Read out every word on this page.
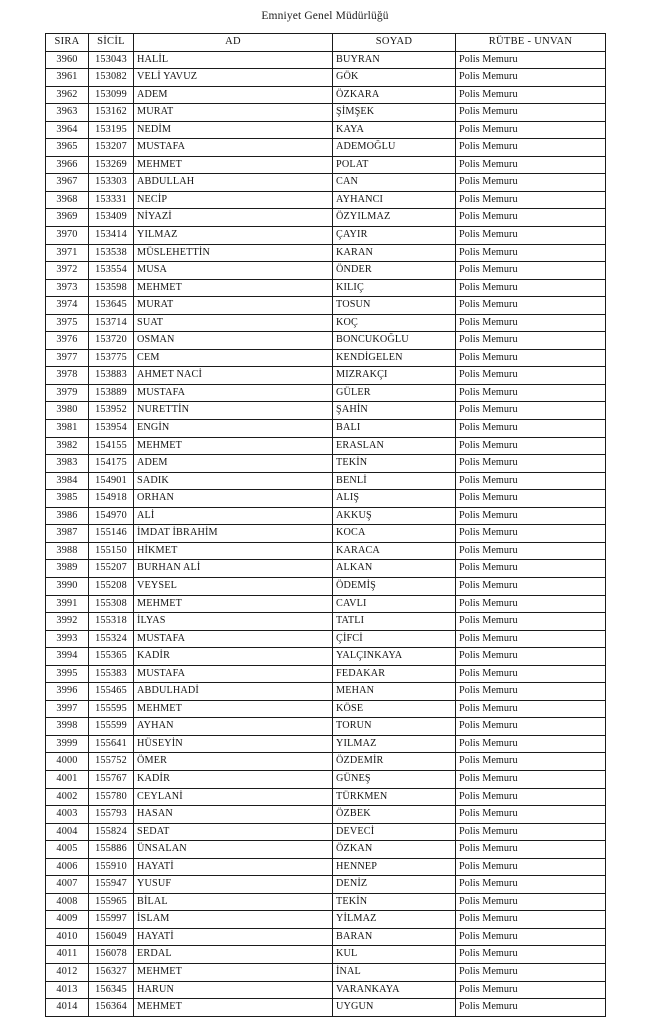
Emniyet Genel Müdürlüğü
SIRA	SİCİL	AD	SOYAD	RÜTBE - UNVAN
3960	153043	HALİL	BUYRAN	Polis Memuru
3961	153082	VELİ YAVUZ	GÖK	Polis Memuru
3962	153099	ADEM	ÖZKARA	Polis Memuru
3963	153162	MURAT	ŞİMŞEK	Polis Memuru
3964	153195	NEDİM	KAYA	Polis Memuru
3965	153207	MUSTAFA	ADEMOĞLU	Polis Memuru
3966	153269	MEHMET	POLAT	Polis Memuru
3967	153303	ABDULLAH	CAN	Polis Memuru
3968	153331	NECİP	AYHANCI	Polis Memuru
3969	153409	NİYAZİ	ÖZYILMAZ	Polis Memuru
3970	153414	YILMAZ	ÇAYIR	Polis Memuru
3971	153538	MÜSLEHETTİN	KARAN	Polis Memuru
3972	153554	MUSA	ÖNDER	Polis Memuru
3973	153598	MEHMET	KILIÇ	Polis Memuru
3974	153645	MURAT	TOSUN	Polis Memuru
3975	153714	SUAT	KOÇ	Polis Memuru
3976	153720	OSMAN	BONCUKOĞLU	Polis Memuru
3977	153775	CEM	KENDİGELEN	Polis Memuru
3978	153883	AHMET NACİ	MIZRAKÇI	Polis Memuru
3979	153889	MUSTAFA	GÜLER	Polis Memuru
3980	153952	NURETTİN	ŞAHİN	Polis Memuru
3981	153954	ENGİN	BALI	Polis Memuru
3982	154155	MEHMET	ERASLAN	Polis Memuru
3983	154175	ADEM	TEKİN	Polis Memuru
3984	154901	SADIK	BENLİ	Polis Memuru
3985	154918	ORHAN	ALIŞ	Polis Memuru
3986	154970	ALİ	AKKUŞ	Polis Memuru
3987	155146	İMDAT İBRAHİM	KOCA	Polis Memuru
3988	155150	HİKMET	KARACA	Polis Memuru
3989	155207	BURHAN ALİ	ALKAN	Polis Memuru
3990	155208	VEYSEL	ÖDEMİŞ	Polis Memuru
3991	155308	MEHMET	CAVLI	Polis Memuru
3992	155318	İLYAS	TATLI	Polis Memuru
3993	155324	MUSTAFA	ÇİFCİ	Polis Memuru
3994	155365	KADİR	YALÇINKAYA	Polis Memuru
3995	155383	MUSTAFA	FEDAKAR	Polis Memuru
3996	155465	ABDULHADİ	MEHAN	Polis Memuru
3997	155595	MEHMET	KÖSE	Polis Memuru
3998	155599	AYHAN	TORUN	Polis Memuru
3999	155641	HÜSEYİN	YILMAZ	Polis Memuru
4000	155752	ÖMER	ÖZDEMİR	Polis Memuru
4001	155767	KADİR	GÜNEŞ	Polis Memuru
4002	155780	CEYLANİ	TÜRKMEN	Polis Memuru
4003	155793	HASAN	ÖZBEK	Polis Memuru
4004	155824	SEDAT	DEVECİ	Polis Memuru
4005	155886	ÜNSALAN	ÖZKAN	Polis Memuru
4006	155910	HAYATİ	HENNEP	Polis Memuru
4007	155947	YUSUF	DENİZ	Polis Memuru
4008	155965	BİLAL	TEKİN	Polis Memuru
4009	155997	İSLAM	YİLMAZ	Polis Memuru
4010	156049	HAYATİ	BARAN	Polis Memuru
4011	156078	ERDAL	KUL	Polis Memuru
4012	156327	MEHMET	İNAL	Polis Memuru
4013	156345	HARUN	VARANKAYA	Polis Memuru
4014	156364	MEHMET	UYGUN	Polis Memuru
